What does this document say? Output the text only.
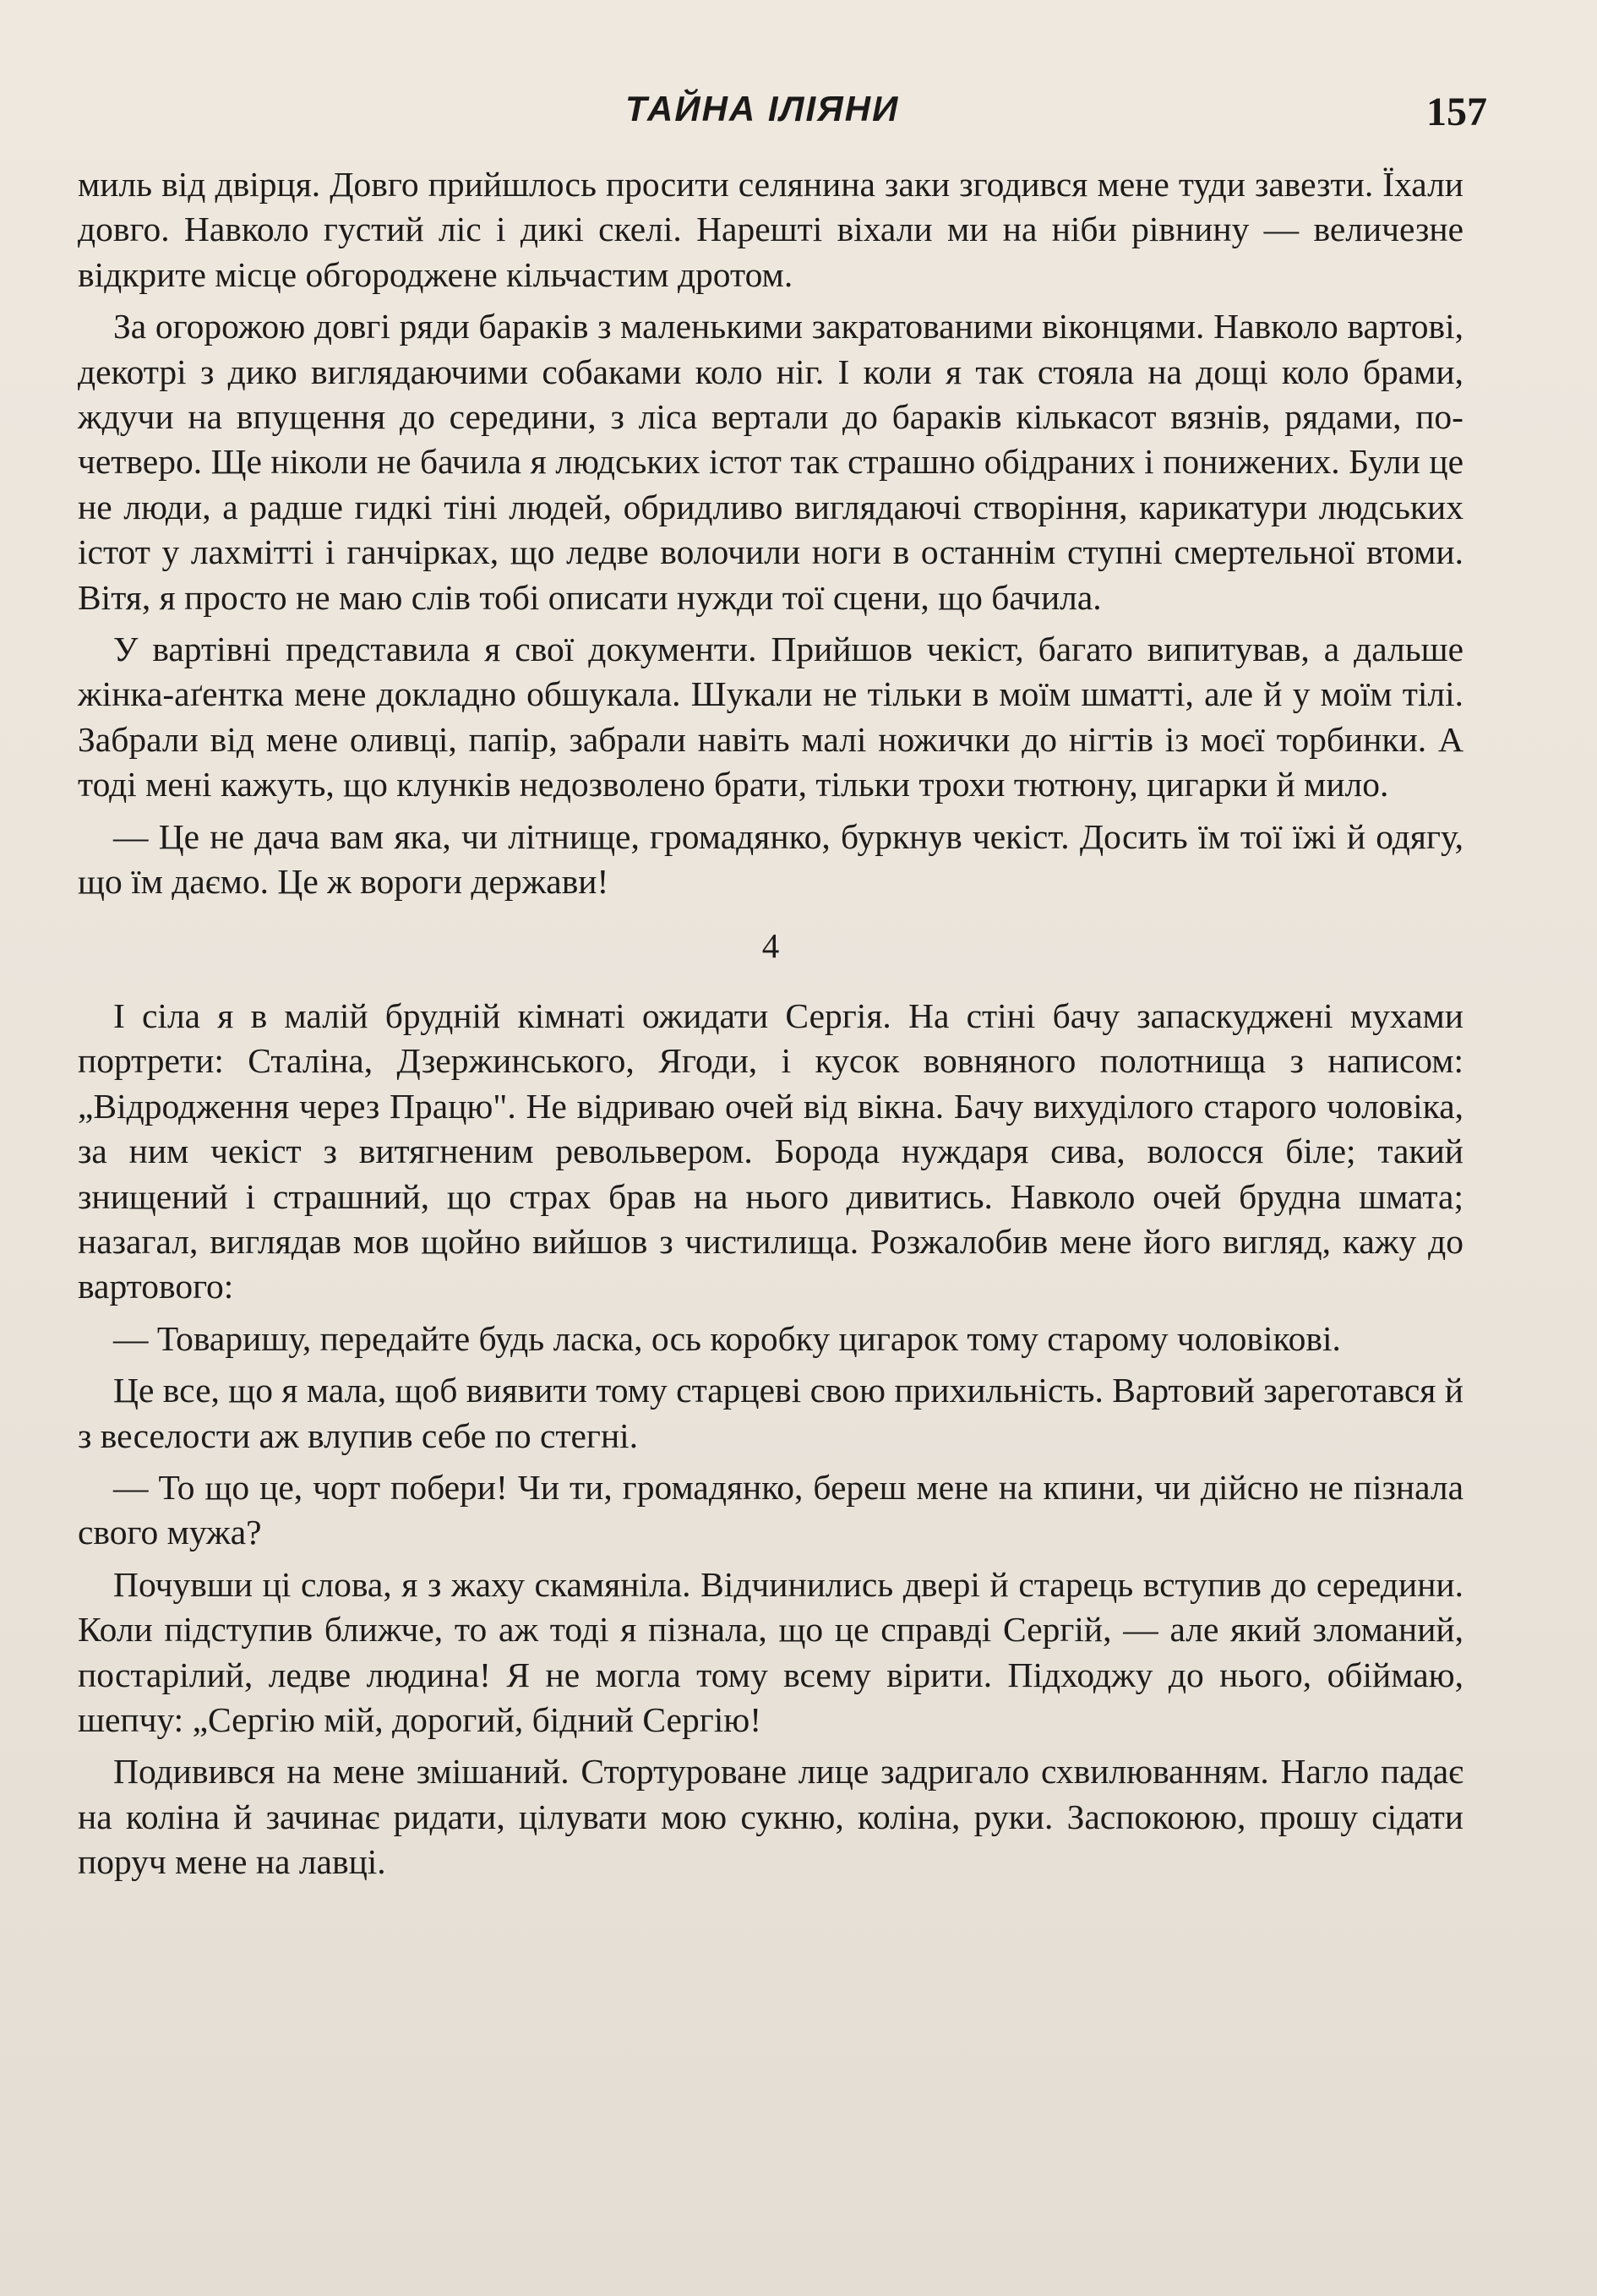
ТАЙНА ІЛІЯНИ	157

миль від двірця. Довго прийшлось просити селянина заки згодився мене туди завезти. Їхали довго. Навколо густий ліс і дикі скелі. Нарешті віхали ми на ніби рівнину — величезне відкрите місце обгороджене кільчастим дротом.

За огорожою довгі ряди бараків з маленькими закратованими віконцями. Навколо вартові, декотрі з дико виглядаючими собаками коло ніг. І коли я так стояла на дощі коло брами, ждучи на впущення до середини, з ліса вертали до бараків кількасот вязнів, рядами, по-четверо. Ще ніколи не бачила я людських істот так страшно обідраних і понижених. Були це не люди, а радше гидкі тіні людей, обридливо виглядаючі створіння, карикатури людських істот у лахмітті і ганчірках, що ледве волочили ноги в останнім ступні смертельної втоми. Вітя, я просто не маю слів тобі описати нужди тої сцени, що бачила.

У вартівні представила я свої документи. Прийшов чекіст, багато випитував, а дальше жінка-аґентка мене докладно обшукала. Шукали не тільки в моїм шматті, але й у моїм тілі. Забрали від мене оливці, папір, забрали навіть малі ножички до нігтів із моєї торбинки. А тоді мені кажуть, що клунків недозволено брати, тільки трохи тютюну, цигарки й мило.

— Це не дача вам яка, чи літнище, громадянко, буркнув чекіст. Досить їм тої їжі й одягу, що їм даємо. Це ж вороги держави!

4

І сіла я в малій брудній кімнаті ожидати Сергія. На стіні бачу запаскуджені мухами портрети: Сталіна, Дзержинського, Ягоди, і кусок вовняного полотнища з написом: „Відродження через Працю". Не відриваю очей від вікна. Бачу вихуділого старого чоловіка, за ним чекіст з витягненим револьвером. Борода нуждаря сива, волосся біле; такий знищений і страшний, що страх брав на нього дивитись. Навколо очей брудна шмата; назагал, виглядав мов щойно вийшов з чистилища. Розжалобив мене його вигляд, кажу до вартового:

— Товаришу, передайте будь ласка, ось коробку цигарок тому старому чоловікові.

Це все, що я мала, щоб виявити тому старцеві свою прихильність. Вартовий зареготався й з веселости аж влупив себе по стегні.

— То що це, чорт побери! Чи ти, громадянко, береш мене на кпини, чи дійсно не пізнала свого мужа?

Почувши ці слова, я з жаху скамяніла. Відчинились двері й старець вступив до середини. Коли підступив ближче, то аж тоді я пізнала, що це справді Сергій, — але який зломаний, постарілий, ледве людина! Я не могла тому всему вірити. Підходжу до нього, обіймаю, шепчу: „Сергію мій, дорогий, бідний Сергію!

Подивився на мене змішаний. Стортуроване лице задригало схвилюванням. Нагло падає на коліна й зачинає ридати, цілувати мою сукню, коліна, руки. Заспокоюю, прошу сідати поруч мене на лавці.
